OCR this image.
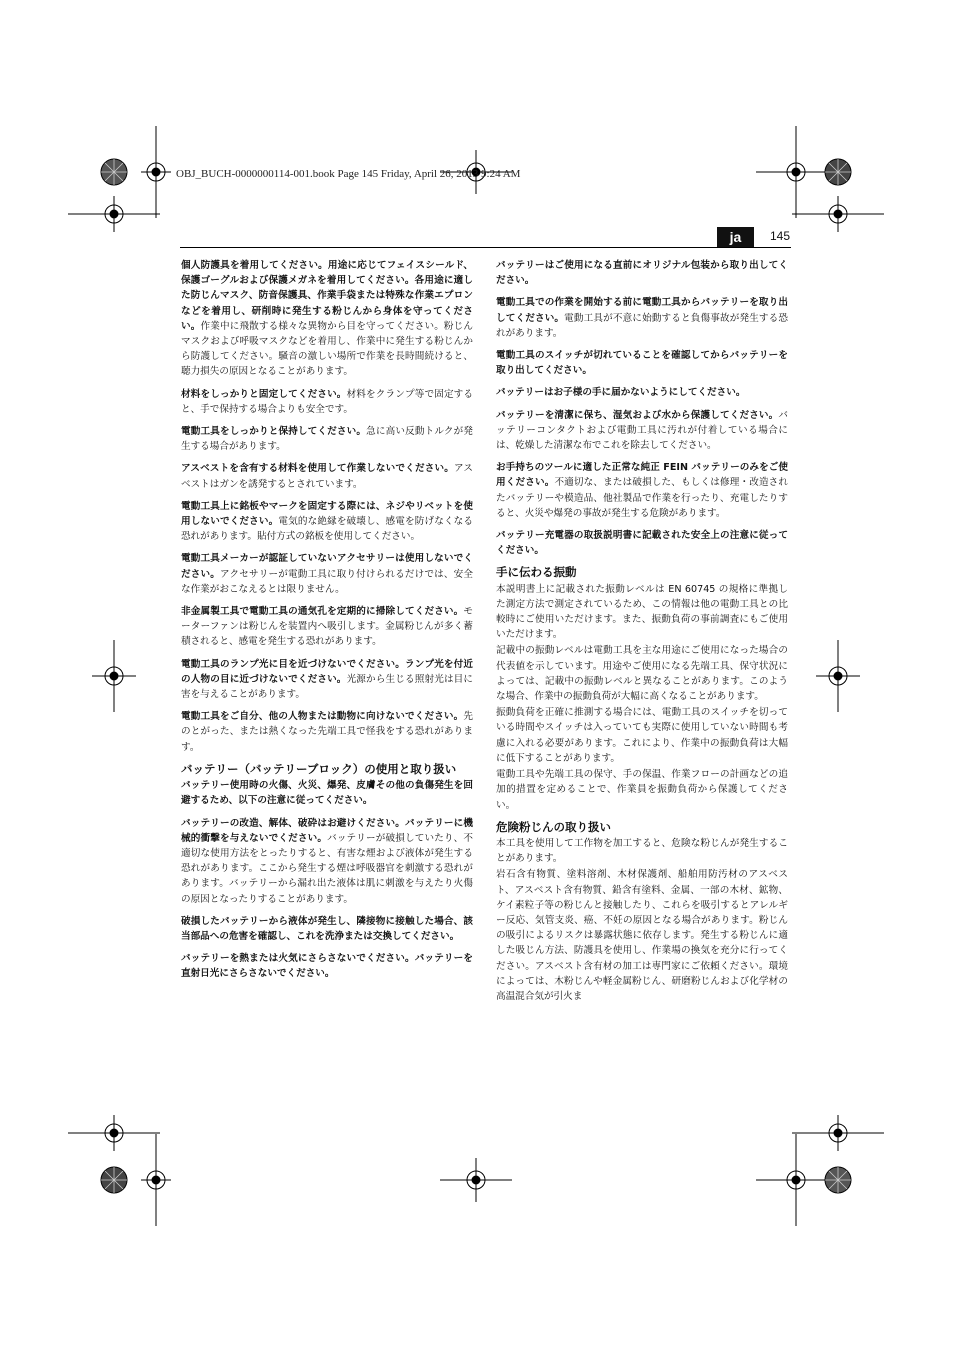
OBJ_BUCH-0000000114-001.book Page 145 Friday, April 26, 2013 9:24 AM
ja	145

個人防護具を着用してください。用途に応じてフェイスシールド、保護ゴーグルおよび保護メガネを着用してください。各用途に適した防じんマスク、防音保護具、作業手袋または特殊な作業エプロンなどを着用し、研削時に発生する粉じんから身体を守ってください。作業中に飛散する様々な異物から目を守ってください。粉じんマスクおよび呼吸マスクなどを着用し、作業中に発生する粉じんから防護してください。騒音の激しい場所で作業を長時間続けると、聴力損失の原因となることがあります。

材料をしっかりと固定してください。材料をクランプ等で固定すると、手で保持する場合よりも安全です。

電動工具をしっかりと保持してください。急に高い反動トルクが発生する場合があります。

アスベストを含有する材料を使用して作業しないでください。アスベストはガンを誘発するとされています。

電動工具上に銘板やマークを固定する際には、ネジやリベットを使用しないでください。電気的な絶縁を破壊し、感電を防げなくなる恐れがあります。貼付方式の銘板を使用してください。

電動工具メーカーが認証していないアクセサリーは使用しないでください。アクセサリーが電動工具に取り付けられるだけでは、安全な作業がおこなえるとは限りません。

非金属製工具で電動工具の通気孔を定期的に掃除してください。モーターファンは粉じんを装置内へ吸引します。金属粉じんが多く蓄積されると、感電を発生する恐れがあります。

電動工具のランプ光に目を近づけないでください。ランプ光を付近の人物の目に近づけないでください。光源から生じる照射光は目に害を与えることがあります。

電動工具をご自分、他の人物または動物に向けないでください。先のとがった、または熱くなった先端工具で怪我をする恐れがあります。

バッテリー（バッテリーブロック）の使用と取り扱い

バッテリー使用時の火傷、火災、爆発、皮膚その他の負傷発生を回避するため、以下の注意に従ってください。

バッテリーの改造、解体、破砕はお避けください。バッテリーに機械的衝撃を与えないでください。バッテリーが破損していたり、不適切な使用方法をとったりすると、有害な煙および液体が発生する恐れがあります。ここから発生する煙は呼吸器官を刺激する恐れがあります。バッテリーから漏れ出た液体は肌に刺激を与えたり火傷の原因となったりすることがあります。

破損したバッテリーから液体が発生し、隣接物に接触した場合、該当部品への危害を確認し、これを洗浄または交換してください。

バッテリーを熱または火気にさらさないでください。バッテリーを直射日光にさらさないでください。

バッテリーはご使用になる直前にオリジナル包装から取り出してください。

電動工具での作業を開始する前に電動工具からバッテリーを取り出してください。電動工具が不意に始動すると負傷事故が発生する恐れがあります。

電動工具のスイッチが切れていることを確認してからバッテリーを取り出してください。

バッテリーはお子様の手に届かないようにしてください。

バッテリーを清潔に保ち、湿気および水から保護してください。バッテリーコンタクトおよび電動工具に汚れが付着している場合には、乾燥した清潔な布でこれを除去してください。

お手持ちのツールに適した正常な純正 FEIN バッテリーのみをご使用ください。不適切な、または破損した、もしくは修理・改造されたバッテリーや模造品、他社製品で作業を行ったり、充電したりすると、火災や爆発の事故が発生する危険があります。

バッテリー充電器の取扱説明書に記載された安全上の注意に従ってください。

手に伝わる振動

本説明書上に記載された振動レベルは EN 60745 の規格に準拠した測定方法で測定されているため、この情報は他の電動工具との比較時にご使用いただけます。また、振動負荷の事前調査にもご使用いただけます。

記載中の振動レベルは電動工具を主な用途にご使用になった場合の代表値を示しています。用途やご使用になる先端工具、保守状況によっては、記載中の振動レベルと異なることがあります。このような場合、作業中の振動負荷が大幅に高くなることがあります。

振動負荷を正確に推測する場合には、電動工具のスイッチを切っている時間やスイッチは入っていても実際に使用していない時間も考慮に入れる必要があります。これにより、作業中の振動負荷は大幅に低下することがあります。

電動工具や先端工具の保守、手の保温、作業フローの計画などの追加的措置を定めることで、作業員を振動負荷から保護してください。

危険粉じんの取り扱い

本工具を使用して工作物を加工すると、危険な粉じんが発生することがあります。

岩石含有物質、塗料溶剤、木材保護剤、船舶用防汚材のアスベスト、アスベスト含有物質、鉛含有塗料、金属、一部の木材、鉱物、ケイ素粒子等の粉じんと接触したり、これらを吸引するとアレルギー反応、気管支炎、癌、不妊の原因となる場合があります。粉じんの吸引によるリスクは暴露状態に依存します。発生する粉じんに適した吸じん方法、防護具を使用し、作業場の換気を充分に行ってください。アスベスト含有材の加工は専門家にご依頼ください。環境によっては、木粉じんや軽金属粉じん、研磨粉じんおよび化学材の高温混合気が引火ま
